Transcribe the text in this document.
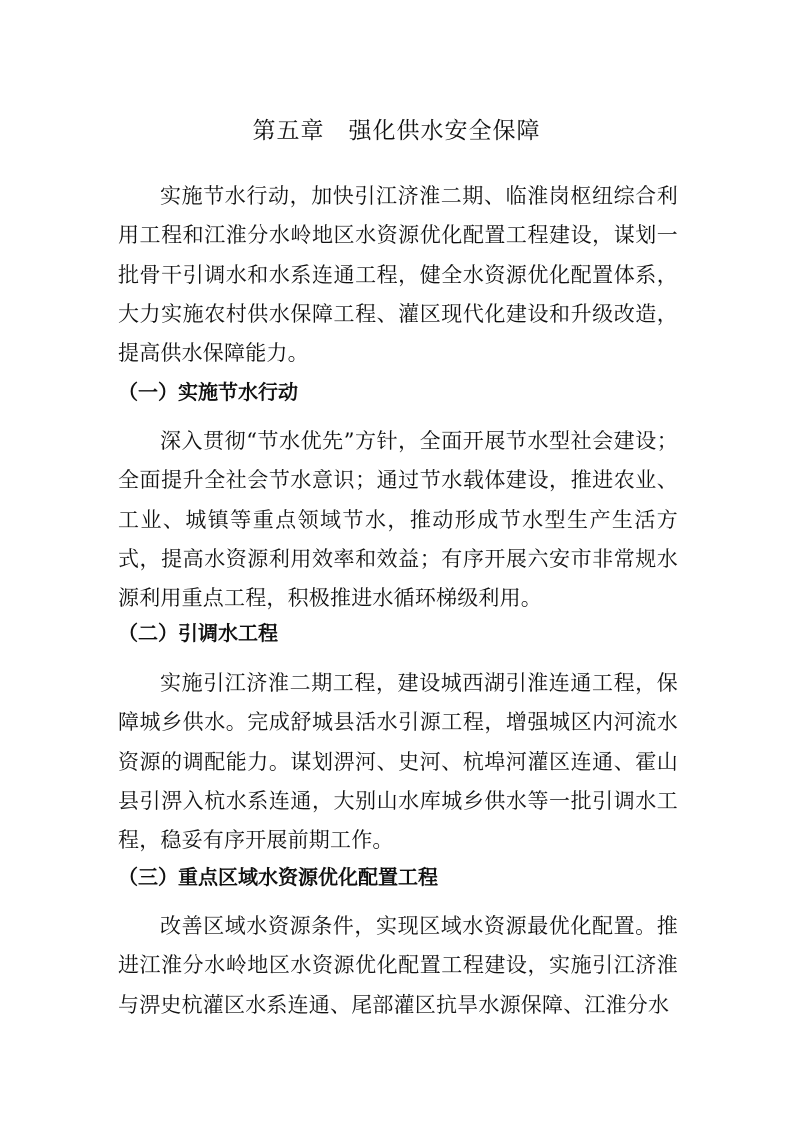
第五章　强化供水安全保障

实施节水行动，加快引江济淮二期、临淮岗枢纽综合利用工程和江淮分水岭地区水资源优化配置工程建设，谋划一批骨干引调水和水系连通工程，健全水资源优化配置体系，大力实施农村供水保障工程、灌区现代化建设和升级改造，提高供水保障能力。

（一）实施节水行动

深入贯彻“节水优先”方针，全面开展节水型社会建设；全面提升全社会节水意识；通过节水载体建设，推进农业、工业、城镇等重点领域节水，推动形成节水型生产生活方式，提高水资源利用效率和效益；有序开展六安市非常规水源利用重点工程，积极推进水循环梯级利用。

（二）引调水工程

实施引江济淮二期工程，建设城西湖引淮连通工程，保障城乡供水。完成舒城县活水引源工程，增强城区内河流水资源的调配能力。谋划淠河、史河、杭埠河灌区连通、霍山县引淠入杭水系连通，大别山水库城乡供水等一批引调水工程，稳妥有序开展前期工作。

（三）重点区域水资源优化配置工程

改善区域水资源条件，实现区域水资源最优化配置。推进江淮分水岭地区水资源优化配置工程建设，实施引江济淮与淠史杭灌区水系连通、尾部灌区抗旱水源保障、江淮分水
